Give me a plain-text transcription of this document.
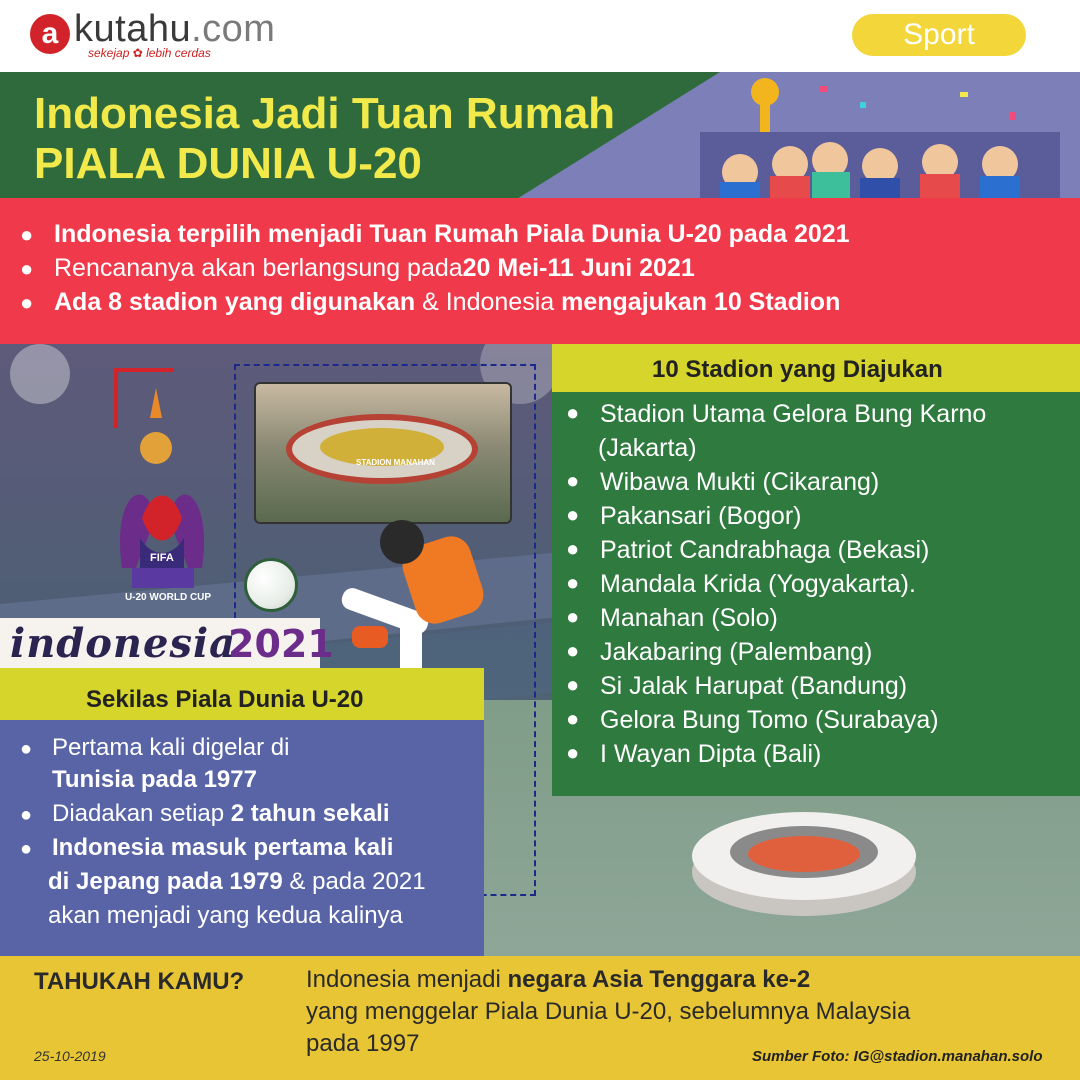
a kutahu.com
sekejap ✿ lebih cerdas
Sport
Indonesia Jadi Tuan Rumah
PIALA DUNIA U-20
● Indonesia terpilih menjadi Tuan Rumah Piala Dunia U-20 pada 2021
● Rencananya akan berlangsung pada 20 Mei-11 Juni 2021
● Ada 8 stadion yang digunakan & Indonesia mengajukan 10 Stadion
STADION MANAHAN
FIFA
U-20 WORLD CUP
indonesia
2021
Sekilas Piala Dunia U-20
● Pertama kali digelar di
Tunisia pada 1977
● Diadakan setiap 2 tahun sekali
● Indonesia masuk pertama kali
di Jepang pada 1979 & pada 2021
akan menjadi yang kedua kalinya
10 Stadion yang Diajukan
● Stadion Utama Gelora Bung Karno
(Jakarta)
● Wibawa Mukti (Cikarang)
● Pakansari (Bogor)
● Patriot Candrabhaga (Bekasi)
● Mandala Krida (Yogyakarta).
● Manahan (Solo)
● Jakabaring (Palembang)
● Si Jalak Harupat (Bandung)
● Gelora Bung Tomo (Surabaya)
● I Wayan Dipta (Bali)
TAHUKAH KAMU?	Indonesia menjadi negara Asia Tenggara ke-2
yang menggelar Piala Dunia U-20, sebelumnya Malaysia
pada 1997
25-10-2019	Sumber Foto: IG@stadion.manahan.solo
